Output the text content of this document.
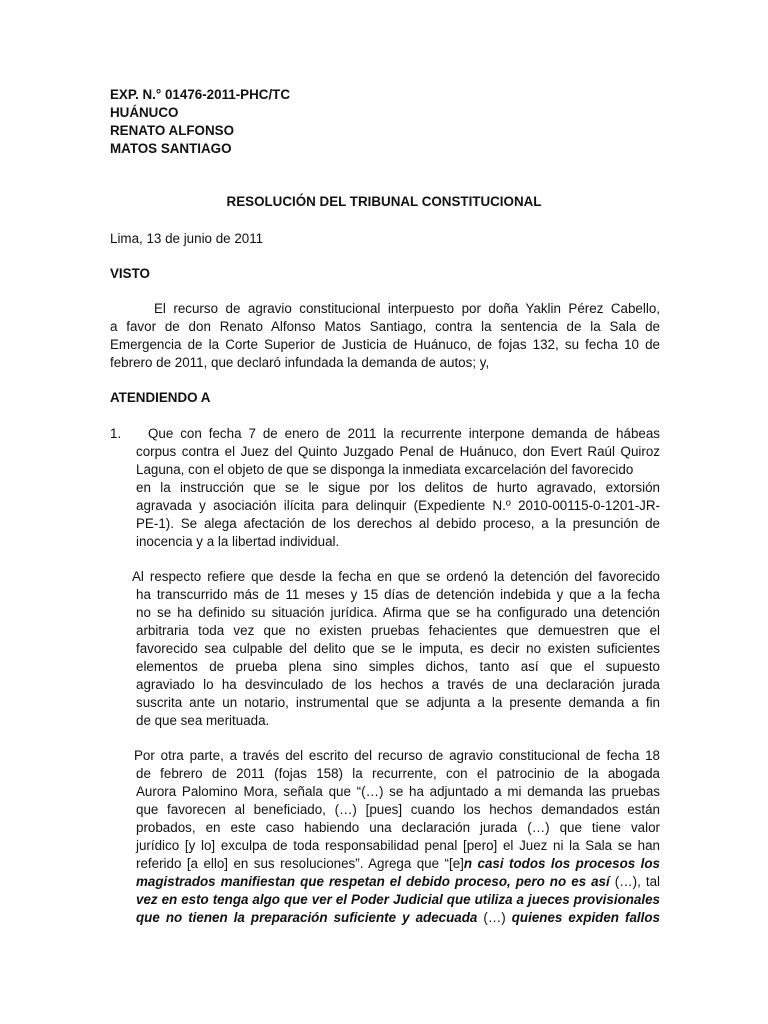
EXP. N.° 01476-2011-PHC/TC
HUÁNUCO
RENATO ALFONSO
MATOS SANTIAGO
RESOLUCIÓN DEL TRIBUNAL CONSTITUCIONAL
Lima, 13 de junio de 2011
VISTO
El recurso de agravio constitucional interpuesto por doña Yaklin Pérez Cabello,
a favor de don Renato Alfonso Matos Santiago, contra la sentencia de la Sala de
Emergencia de la Corte Superior de Justicia de Huánuco, de fojas 132, su fecha 10 de
febrero de 2011, que declaró infundada la demanda de autos; y,
ATENDIENDO A
1. Que con fecha 7 de enero de 2011 la recurrente interpone demanda de hábeas
corpus contra el Juez del Quinto Juzgado Penal de Huánuco, don Evert Raúl Quiroz
Laguna, con el objeto de que se disponga la inmediata excarcelación del favorecido
en la instrucción que se le sigue por los delitos de hurto agravado, extorsión
agravada y asociación ilícita para delinquir (Expediente N.º 2010-00115-0-1201-JR-
PE-1). Se alega afectación de los derechos al debido proceso, a la presunción de
inocencia y a la libertad individual.
Al respecto refiere que desde la fecha en que se ordenó la detención del favorecido
ha transcurrido más de 11 meses y 15 días de detención indebida y que a la fecha
no se ha definido su situación jurídica. Afirma que se ha configurado una detención
arbitraria toda vez que no existen pruebas fehacientes que demuestren que el
favorecido sea culpable del delito que se le imputa, es decir no existen suficientes
elementos de prueba plena sino simples dichos, tanto así que el supuesto
agraviado lo ha desvinculado de los hechos a través de una declaración jurada
suscrita ante un notario, instrumental que se adjunta a la presente demanda a fin
de que sea merituada.
Por otra parte, a través del escrito del recurso de agravio constitucional de fecha 18
de febrero de 2011 (fojas 158) la recurrente, con el patrocinio de la abogada
Aurora Palomino Mora, señala que “(…) se ha adjuntado a mi demanda las pruebas
que favorecen al beneficiado, (…) [pues] cuando los hechos demandados están
probados, en este caso habiendo una declaración jurada (…) que tiene valor
jurídico [y lo] exculpa de toda responsabilidad penal [pero] el Juez ni la Sala se han
referido [a ello] en sus resoluciones”. Agrega que “[e]n casi todos los procesos los
magistrados manifiestan que respetan el debido proceso, pero no es así (…), tal
vez en esto tenga algo que ver el Poder Judicial que utiliza a jueces provisionales
que no tienen la preparación suficiente y adecuada (…) quienes expiden fallos
